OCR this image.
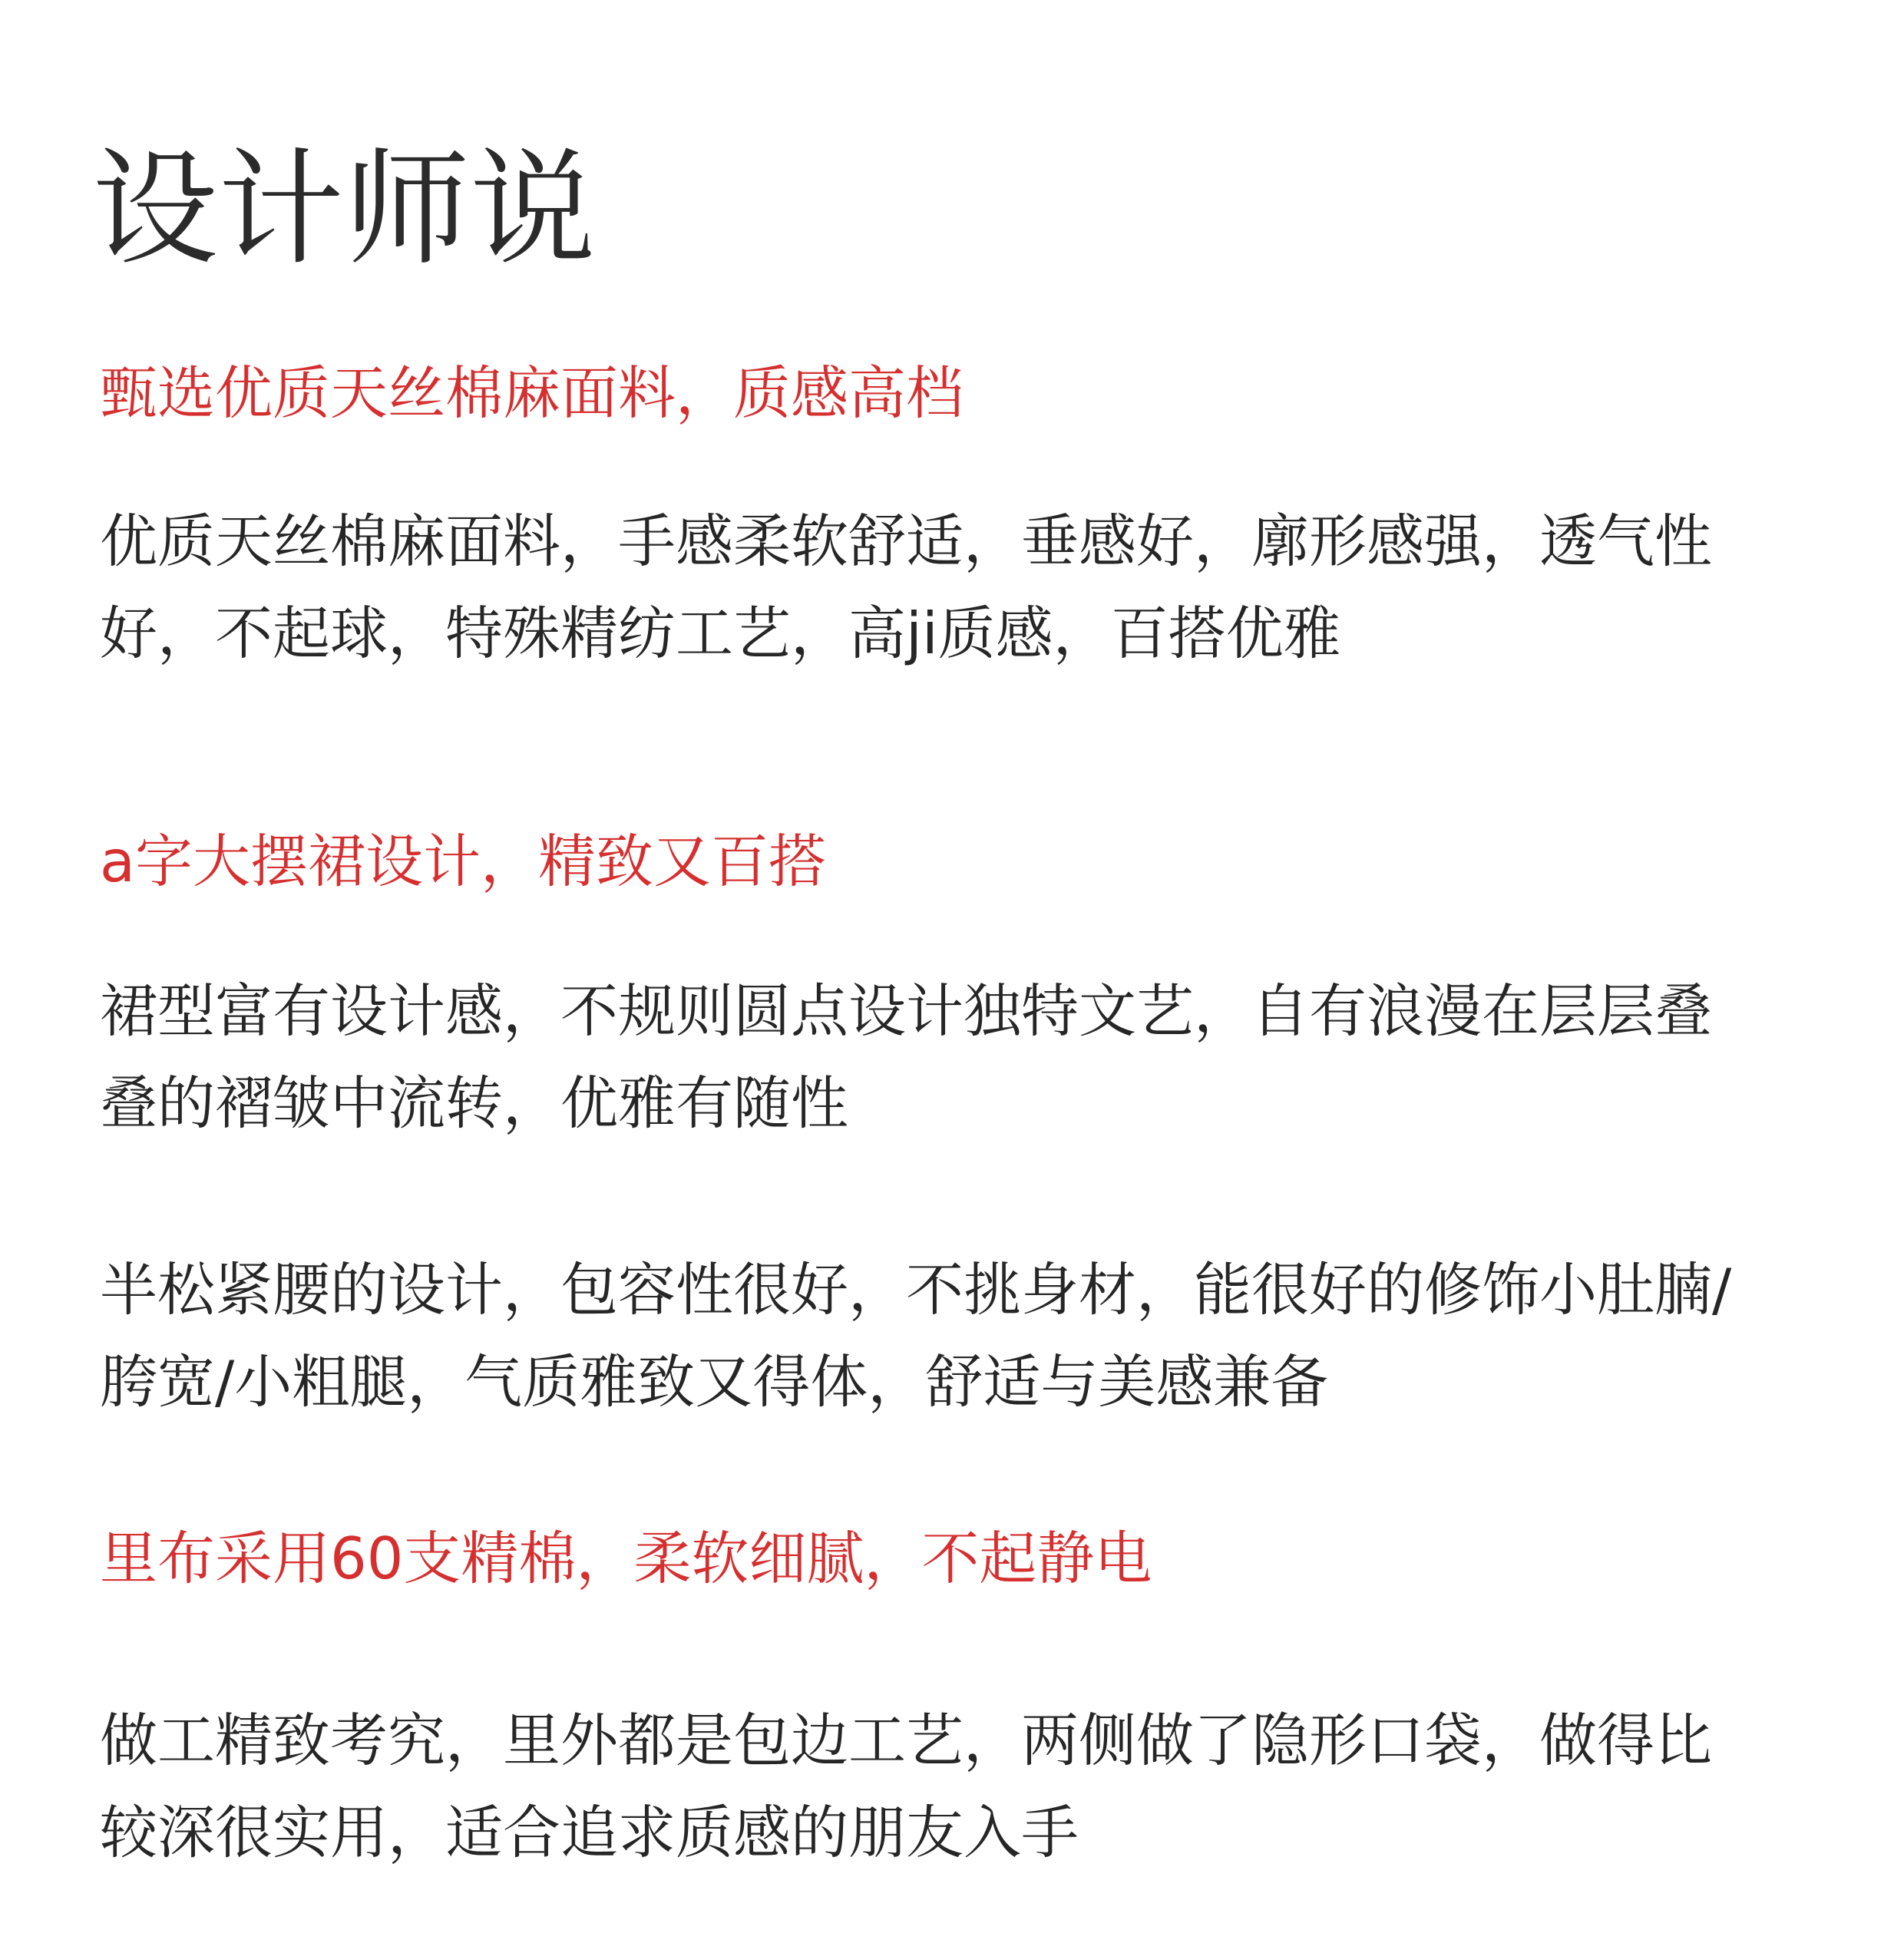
设计师说
甄选优质天丝棉麻面料，质感高档
优质天丝棉麻面料，手感柔软舒适，垂感好，廓形感强，透气性好，不起球，特殊精纺工艺，高ji质感，百搭优雅
a字大摆裙设计，精致又百搭
裙型富有设计感，不规则圆点设计独特文艺，自有浪漫在层层叠叠的褶皱中流转，优雅有随性
半松紧腰的设计，包容性很好，不挑身材，能很好的修饰小肚腩/胯宽/小粗腿，气质雅致又得体，舒适与美感兼备
里布采用60支精棉，柔软细腻，不起静电
做工精致考究，里外都是包边工艺，两侧做了隐形口袋，做得比较深很实用，适合追求质感的朋友入手
